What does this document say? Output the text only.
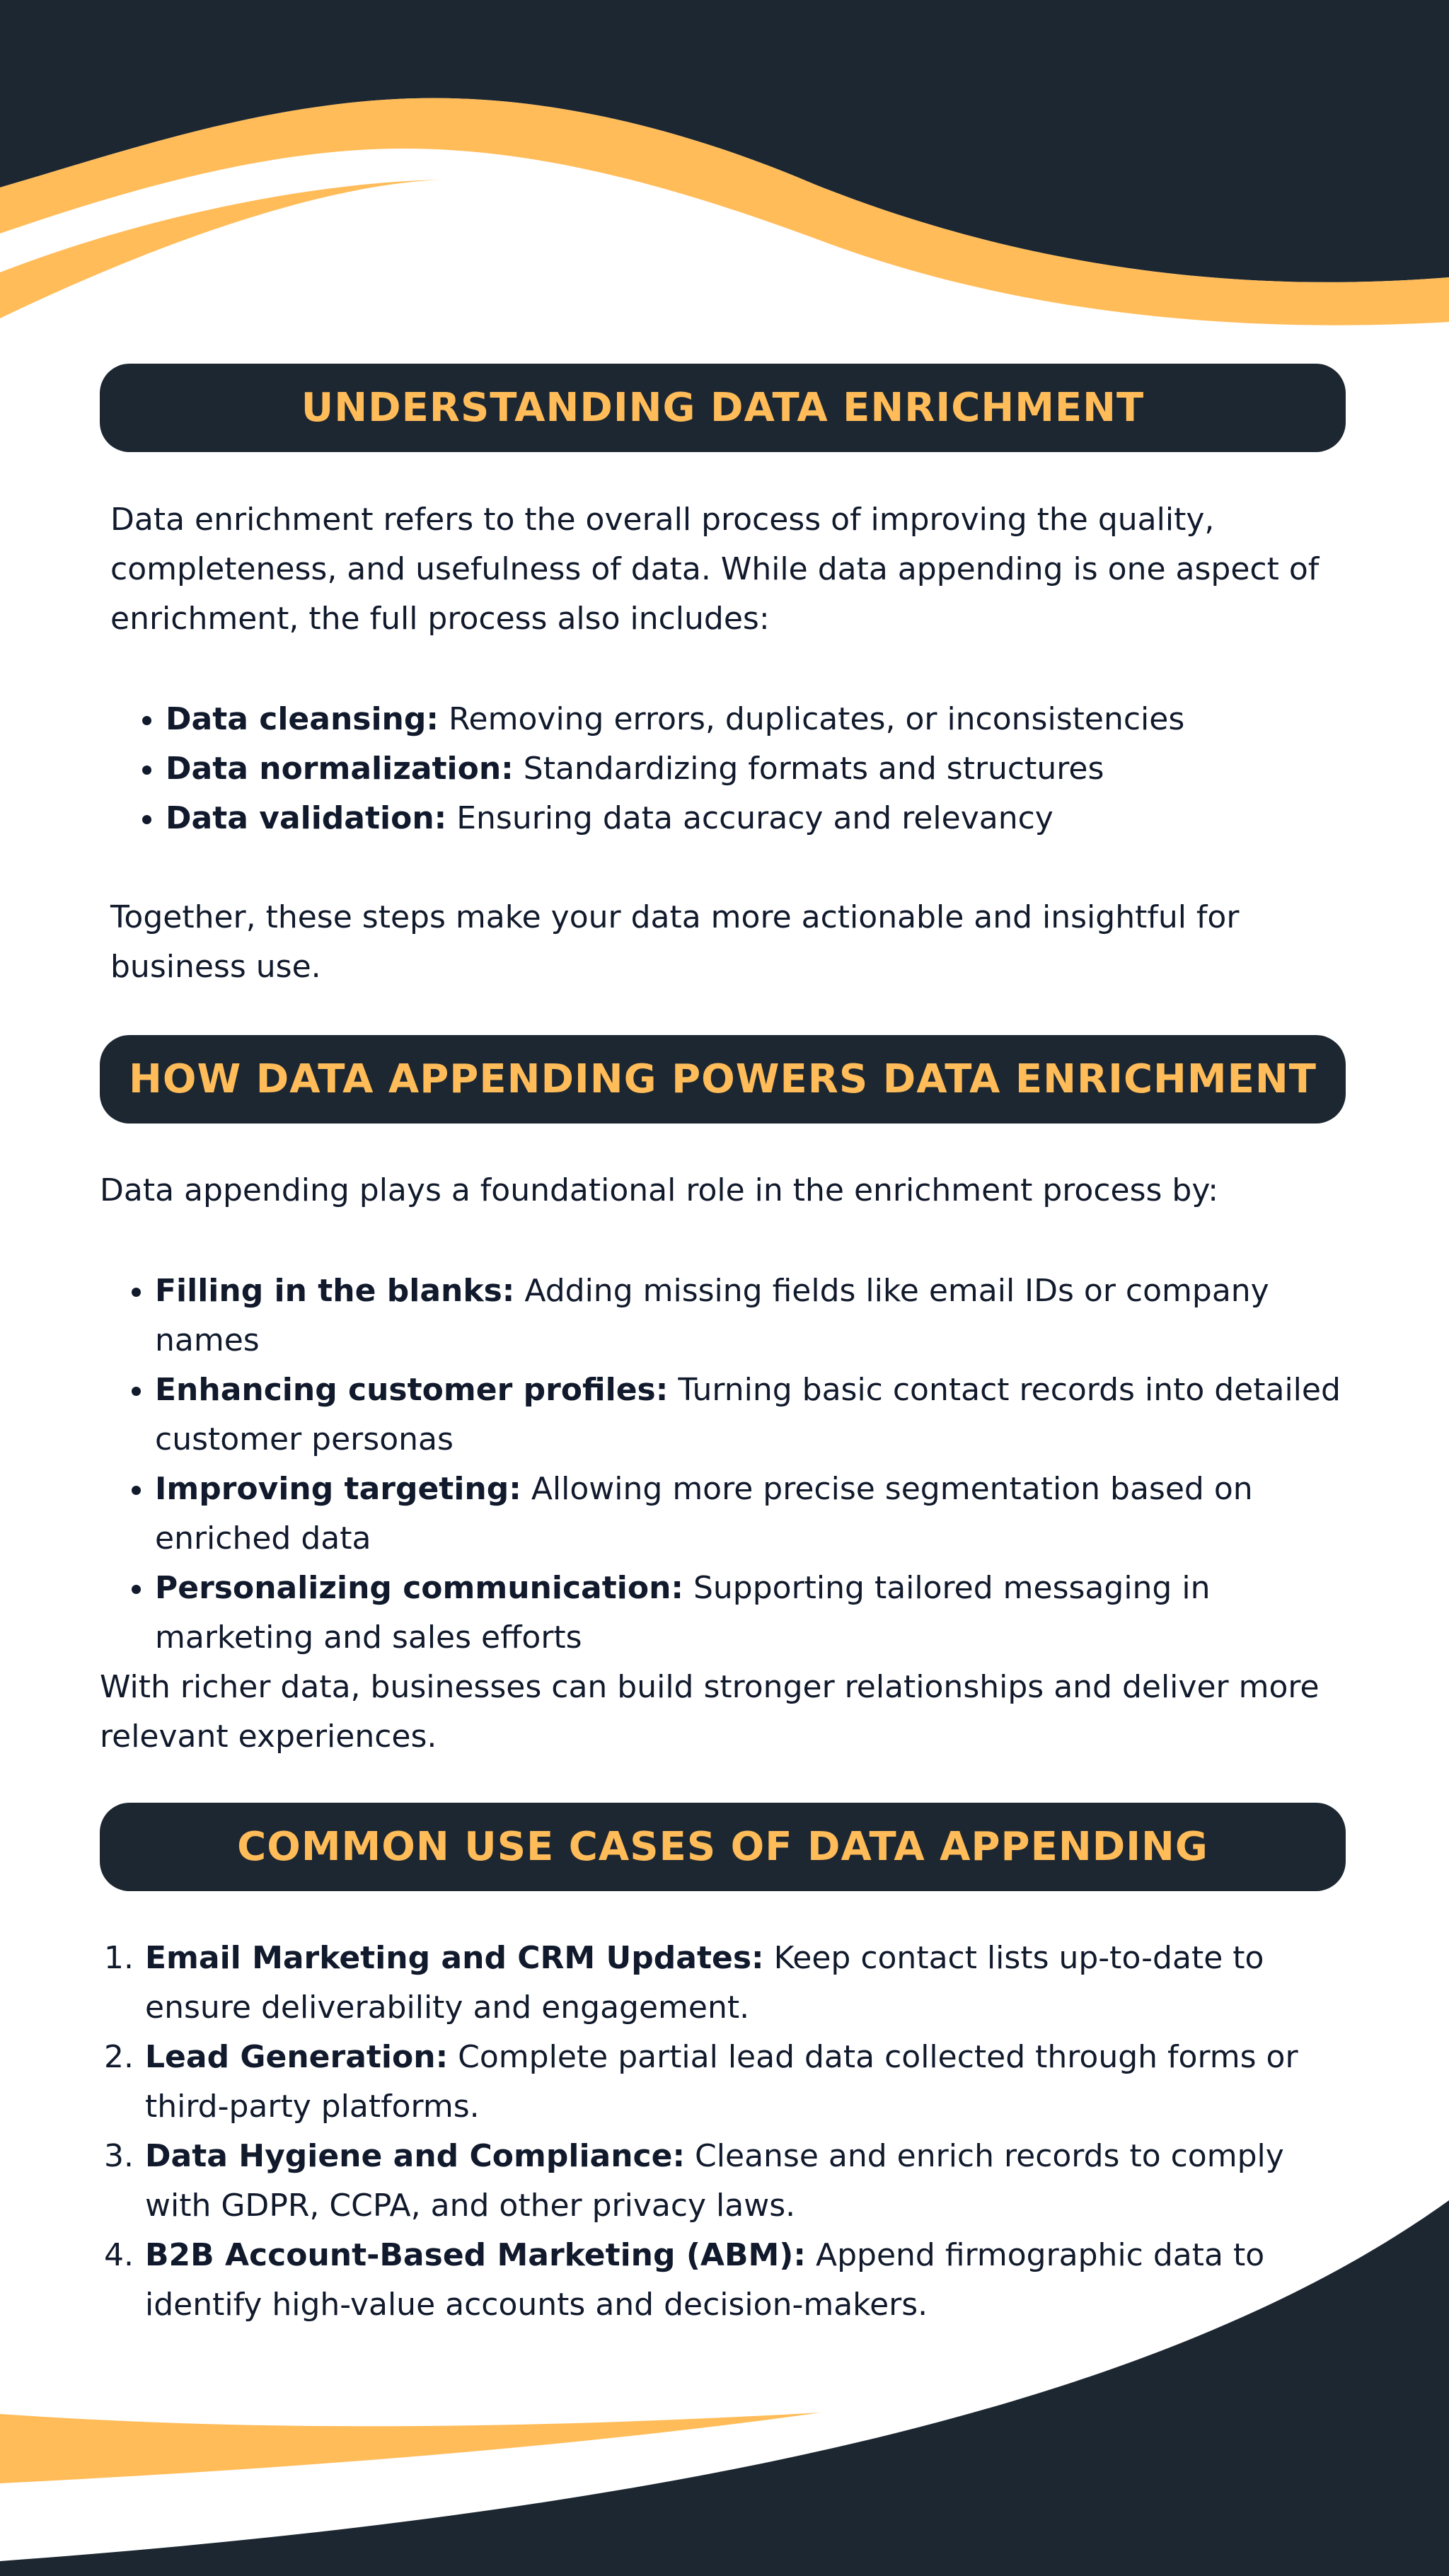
UNDERSTANDING DATA ENRICHMENT

Data enrichment refers to the overall process of improving the quality, completeness, and usefulness of data. While data appending is one aspect of enrichment, the full process also includes:

• Data cleansing: Removing errors, duplicates, or inconsistencies
• Data normalization: Standardizing formats and structures
• Data validation: Ensuring data accuracy and relevancy

Together, these steps make your data more actionable and insightful for business use.

HOW DATA APPENDING POWERS DATA ENRICHMENT

Data appending plays a foundational role in the enrichment process by:

• Filling in the blanks: Adding missing fields like email IDs or company names
• Enhancing customer profiles: Turning basic contact records into detailed customer personas
• Improving targeting: Allowing more precise segmentation based on enriched data
• Personalizing communication: Supporting tailored messaging in marketing and sales efforts

With richer data, businesses can build stronger relationships and deliver more relevant experiences.

COMMON USE CASES OF DATA APPENDING
1. Email Marketing and CRM Updates: Keep contact lists up-to-date to ensure deliverability and engagement.
2. Lead Generation: Complete partial lead data collected through forms or third-party platforms.
3. Data Hygiene and Compliance: Cleanse and enrich records to comply with GDPR, CCPA, and other privacy laws.
4. B2B Account-Based Marketing (ABM): Append firmographic data to identify high-value accounts and decision-makers.
